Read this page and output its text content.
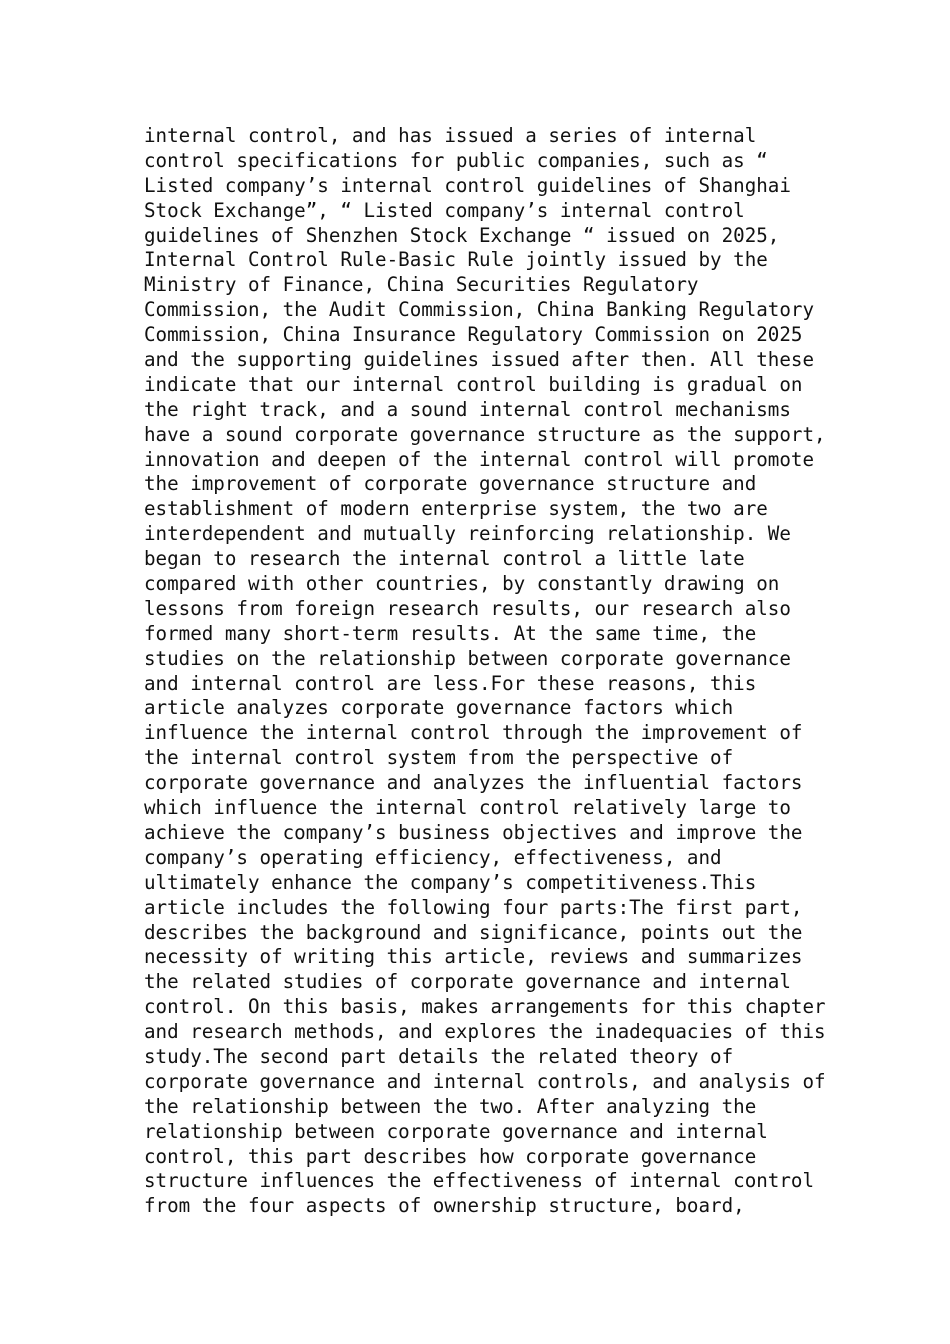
internal control, and has issued a series of internal
control specifications for public companies, such as “
Listed company’s internal control guidelines of Shanghai
Stock Exchange”, “ Listed company’s internal control
guidelines of Shenzhen Stock Exchange “ issued on 2025,
Internal Control Rule-Basic Rule jointly issued by the
Ministry of Finance, China Securities Regulatory
Commission, the Audit Commission, China Banking Regulatory
Commission, China Insurance Regulatory Commission on 2025
and the supporting guidelines issued after then. All these
indicate that our internal control building is gradual on
the right track, and a sound internal control mechanisms
have a sound corporate governance structure as the support,
innovation and deepen of the internal control will promote
the improvement of corporate governance structure and
establishment of modern enterprise system, the two are
interdependent and mutually reinforcing relationship. We
began to research the internal control a little late
compared with other countries, by constantly drawing on
lessons from foreign research results, our research also
formed many short-term results. At the same time, the
studies on the relationship between corporate governance
and internal control are less.For these reasons, this
article analyzes corporate governance factors which
influence the internal control through the improvement of
the internal control system from the perspective of
corporate governance and analyzes the influential factors
which influence the internal control relatively large to
achieve the company’s business objectives and improve the
company’s operating efficiency, effectiveness, and
ultimately enhance the company’s competitiveness.This
article includes the following four parts:The first part,
describes the background and significance, points out the
necessity of writing this article, reviews and summarizes
the related studies of corporate governance and internal
control. On this basis, makes arrangements for this chapter
and research methods, and explores the inadequacies of this
study.The second part details the related theory of
corporate governance and internal controls, and analysis of
the relationship between the two. After analyzing the
relationship between corporate governance and internal
control, this part describes how corporate governance
structure influences the effectiveness of internal control
from the four aspects of ownership structure, board,
